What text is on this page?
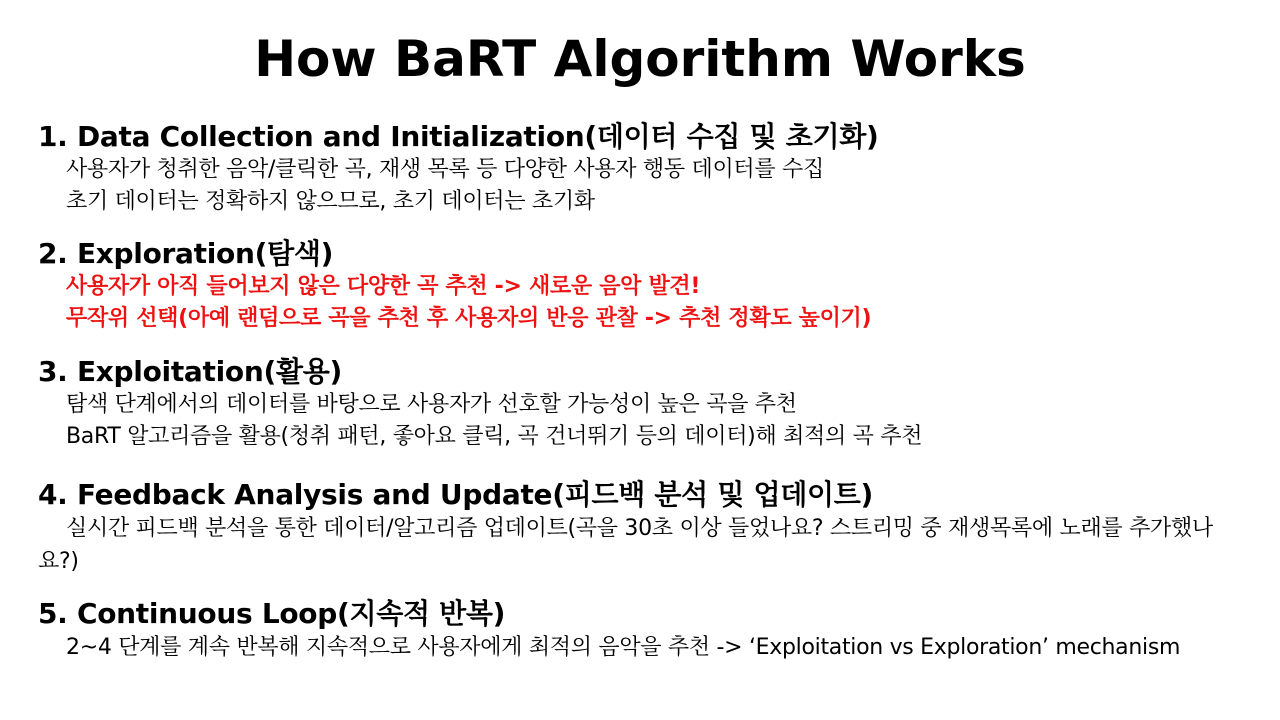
How BaRT Algorithm Works
1. Data Collection and Initialization(데이터 수집 및 초기화)
사용자가 청취한 음악/클릭한 곡, 재생 목록 등 다양한 사용자 행동 데이터를 수집
초기 데이터는 정확하지 않으므로, 초기 데이터는 초기화
2. Exploration(탐색)
사용자가 아직 들어보지 않은 다양한 곡 추천 -> 새로운 음악 발견!
무작위 선택(아예 랜덤으로 곡을 추천 후 사용자의 반응 관찰 -> 추천 정확도 높이기)
3. Exploitation(활용)
탐색 단계에서의 데이터를 바탕으로 사용자가 선호할 가능성이 높은 곡을 추천
BaRT 알고리즘을 활용(청취 패턴, 좋아요 클릭, 곡 건너뛰기 등의 데이터)해 최적의 곡 추천
4. Feedback Analysis and Update(피드백 분석 및 업데이트)
실시간 피드백 분석을 통한 데이터/알고리즘 업데이트(곡을 30초 이상 들었나요? 스트리밍 중 재생목록에 노래를 추가했나요?)
5. Continuous Loop(지속적 반복)
2~4 단계를 계속 반복해 지속적으로 사용자에게 최적의 음악을 추천 -> ‘Exploitation vs Exploration’ mechanism
